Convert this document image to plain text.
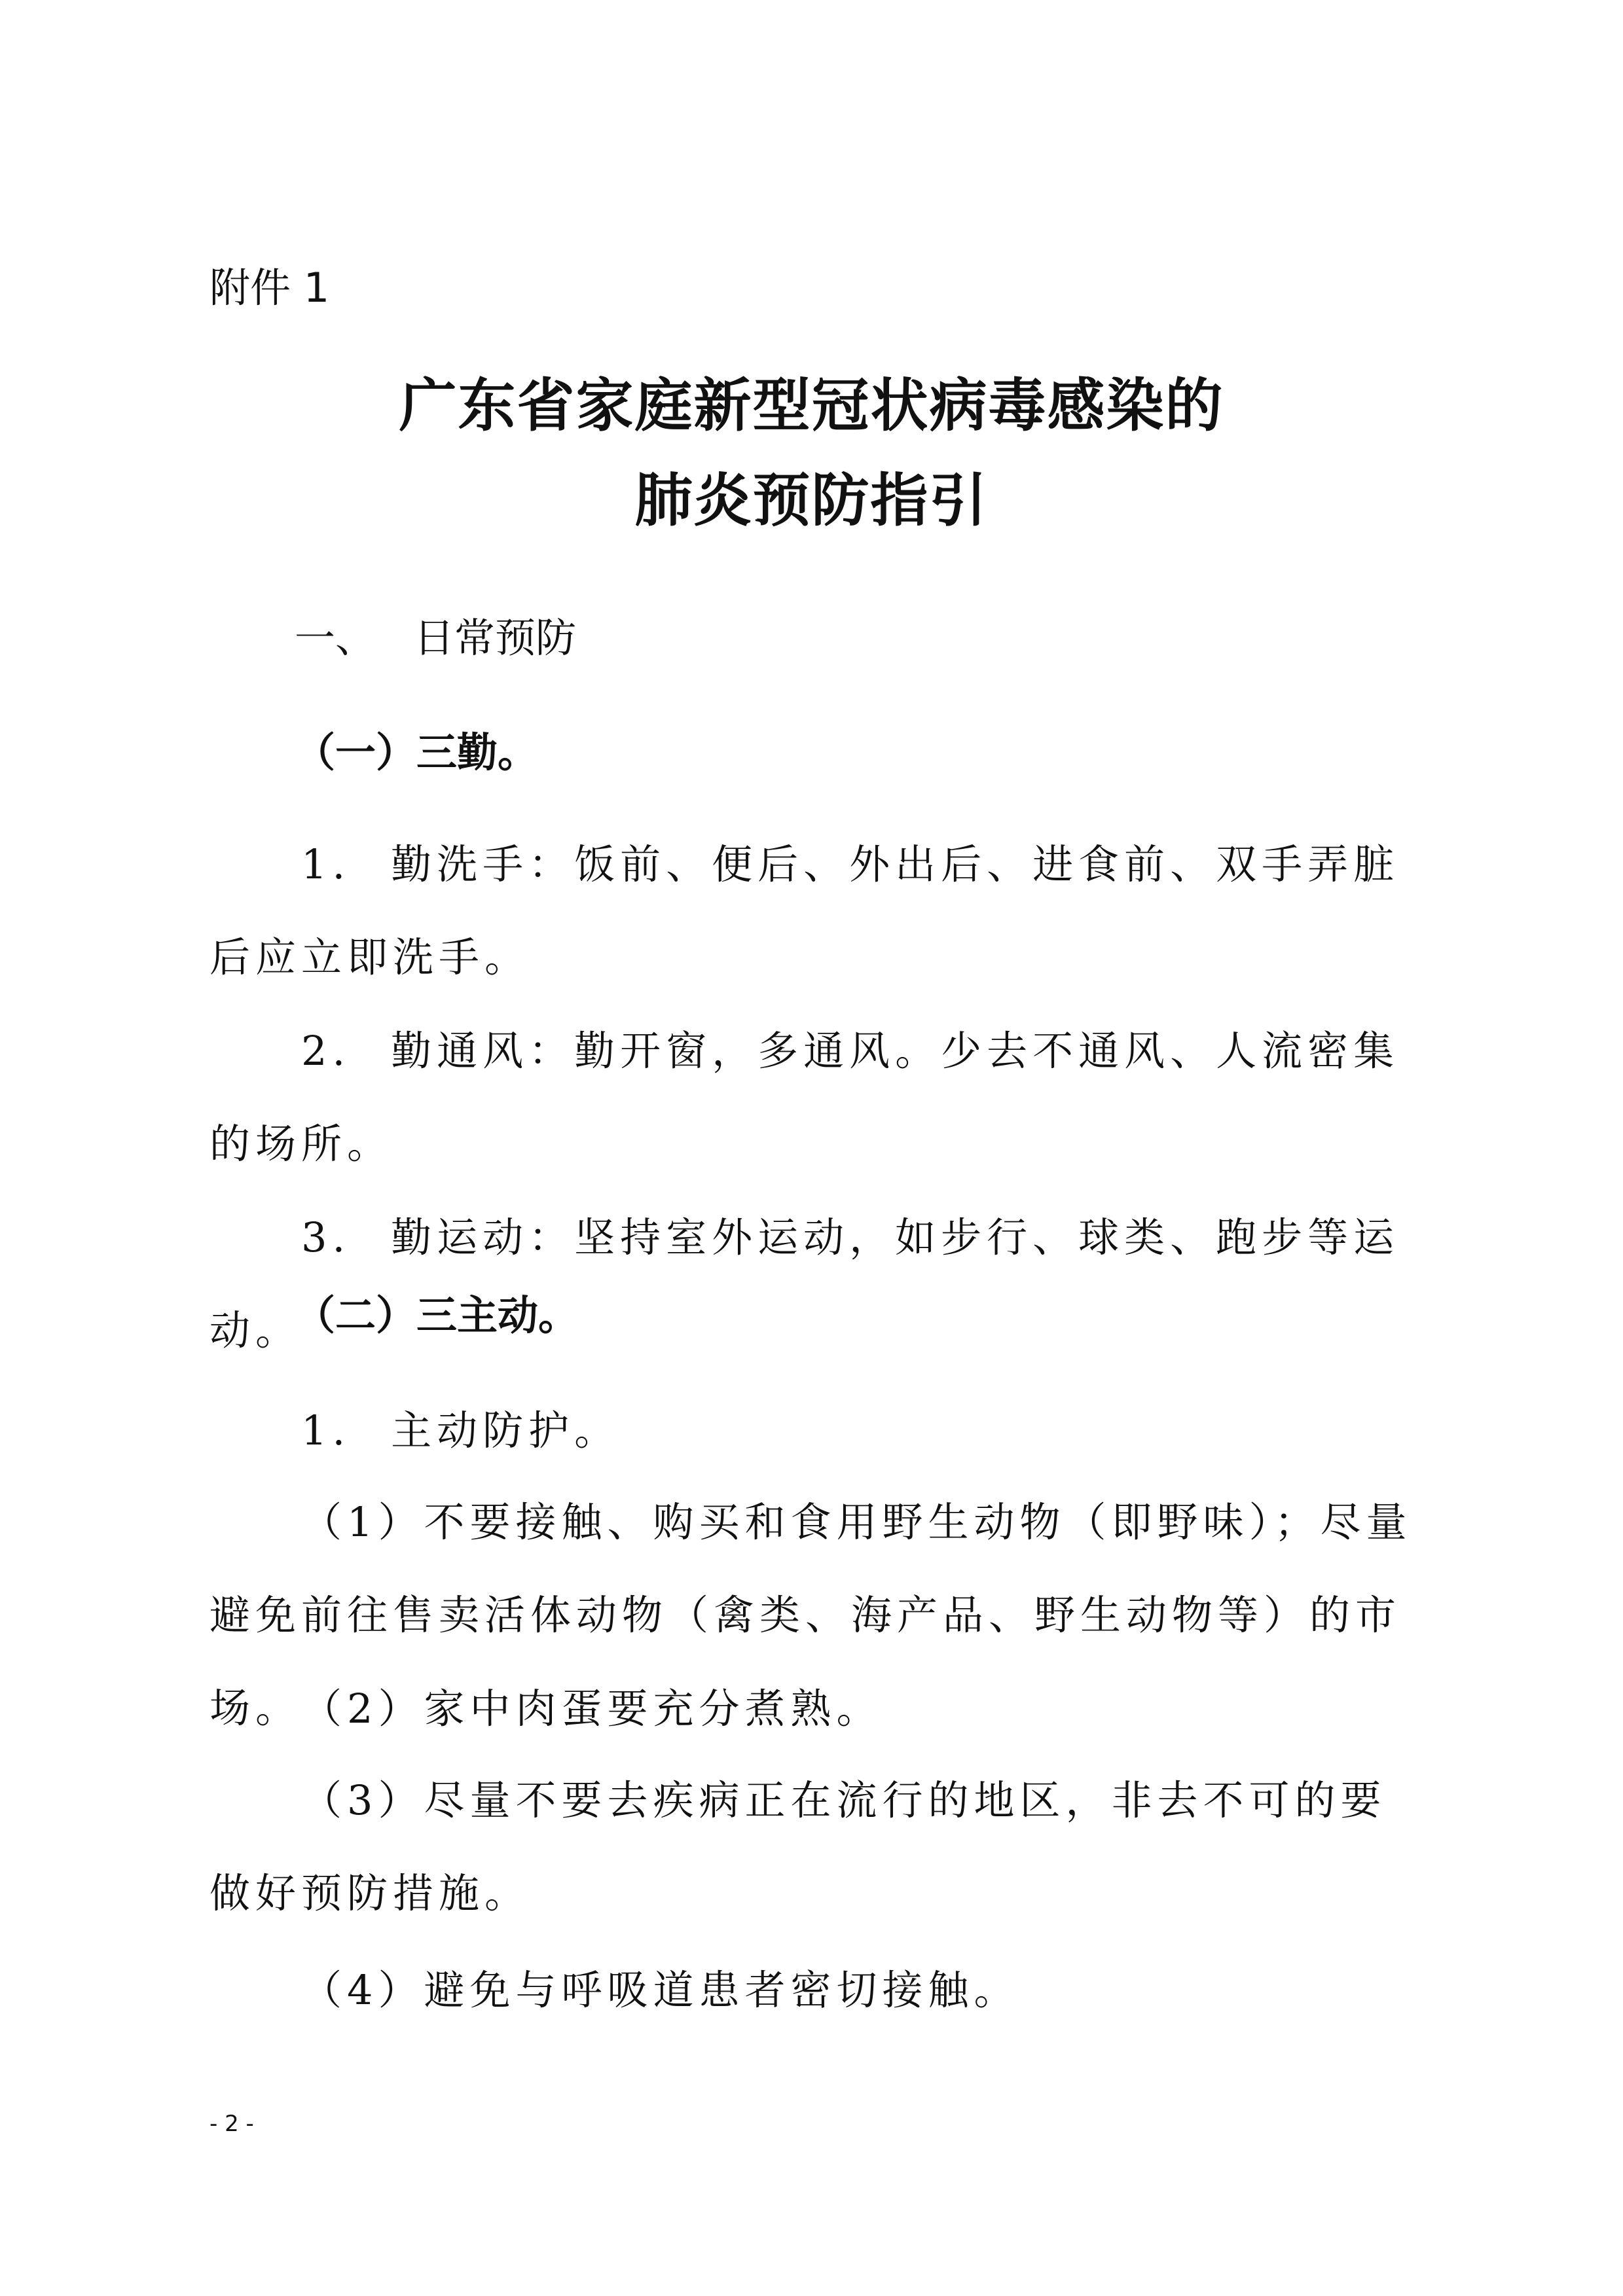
附件 1

广东省家庭新型冠状病毒感染的
肺炎预防指引

一、 日常预防

（一）三勤。

1. 勤洗手：饭前、便后、外出后、进食前、双手弄脏后应立即洗手。

2. 勤通风：勤开窗，多通风。少去不通风、人流密集的场所。

3. 勤运动：坚持室外运动，如步行、球类、跑步等运动。

（二）三主动。

1. 主动防护。

（1）不要接触、购买和食用野生动物（即野味）；尽量避免前往售卖活体动物（禽类、海产品、野生动物等）的市场。 （2）家中肉蛋要充分煮熟。

（3）尽量不要去疾病正在流行的地区，非去不可的要做好预防措施。

（4）避免与呼吸道患者密切接触。

- 2 -
